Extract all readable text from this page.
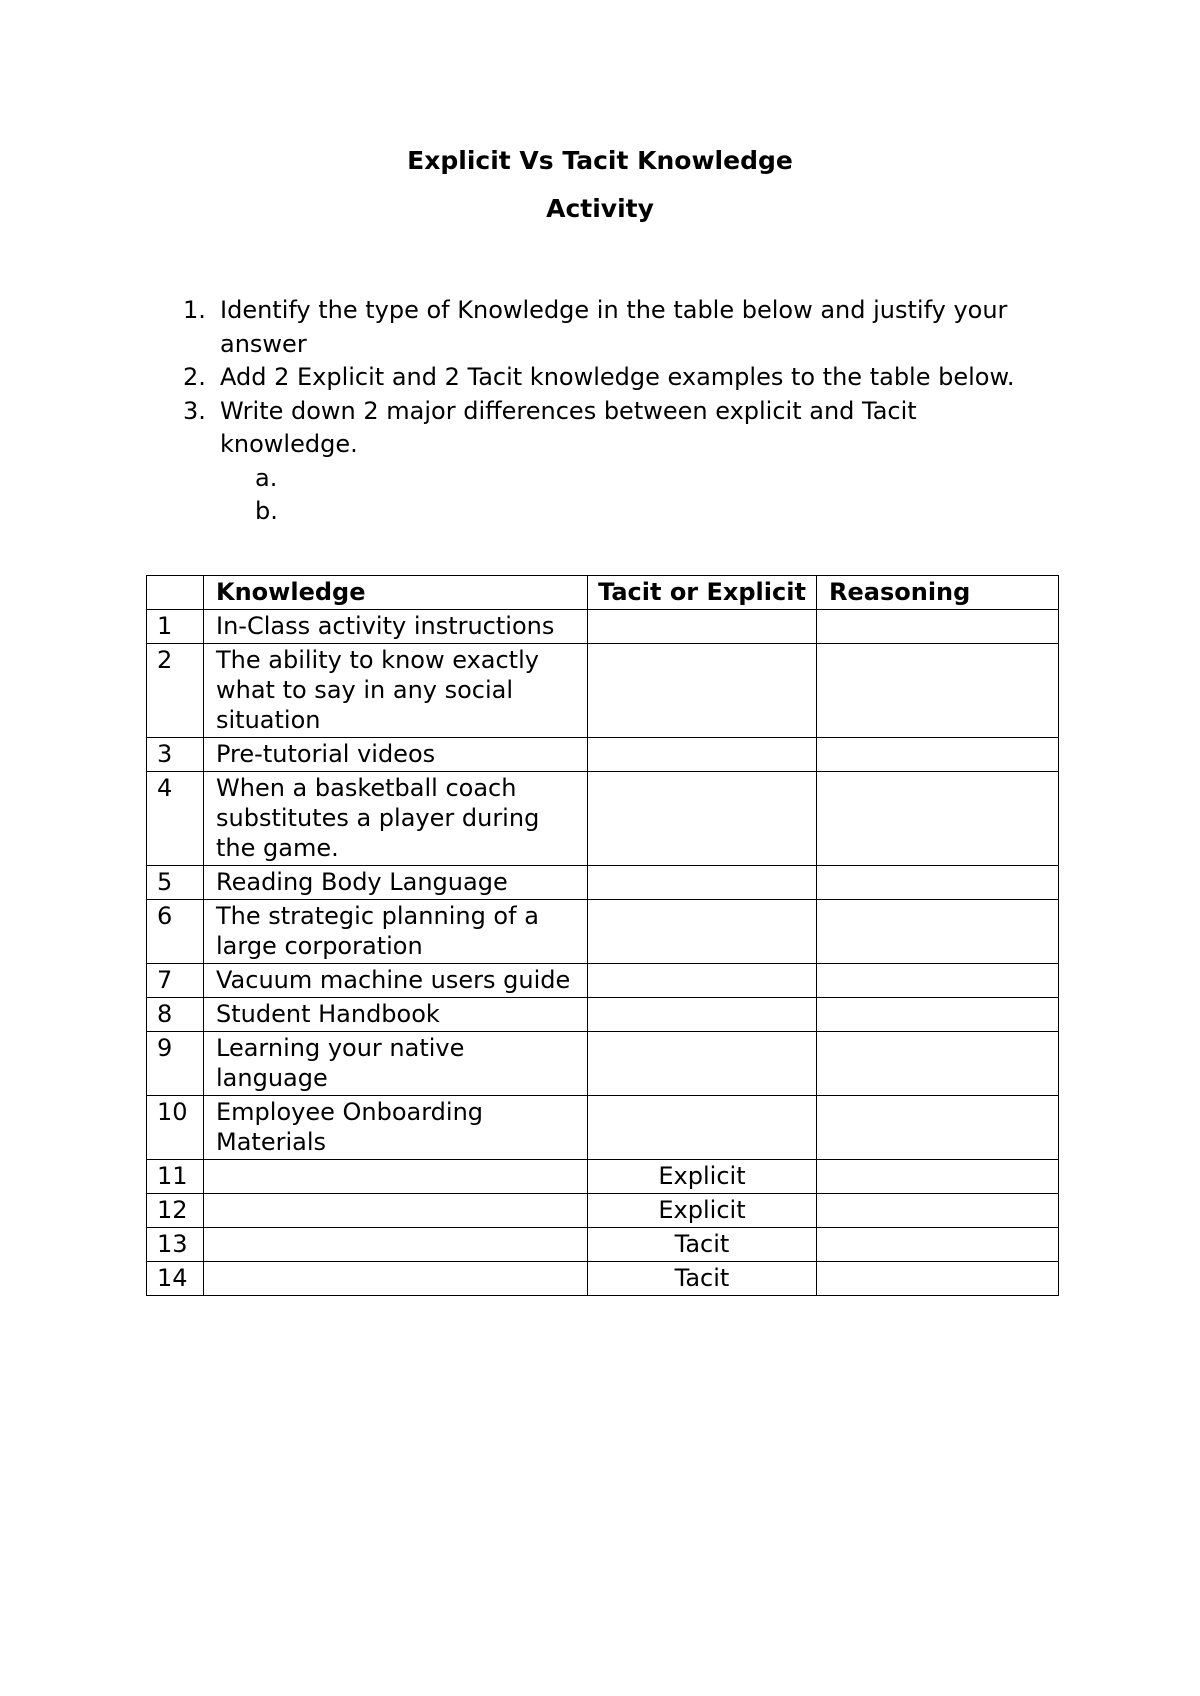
Explicit Vs Tacit Knowledge
Activity
1. Identify the type of Knowledge in the table below and justify your answer
2. Add 2 Explicit and 2 Tacit knowledge examples to the table below.
3. Write down 2 major differences between explicit and Tacit knowledge.
a.

b.

	Knowledge	Tacit or Explicit	Reasoning
1	In-Class activity instructions		
2	The ability to know exactly what to say in any social situation		
3	Pre-tutorial videos		
4	When a basketball coach substitutes a player during the game.		
5	Reading Body Language		
6	The strategic planning of a large corporation		
7	Vacuum machine users guide		
8	Student Handbook		
9	Learning your native language		
10	Employee Onboarding Materials		
11		Explicit	
12		Explicit	
13		Tacit	
14		Tacit	
